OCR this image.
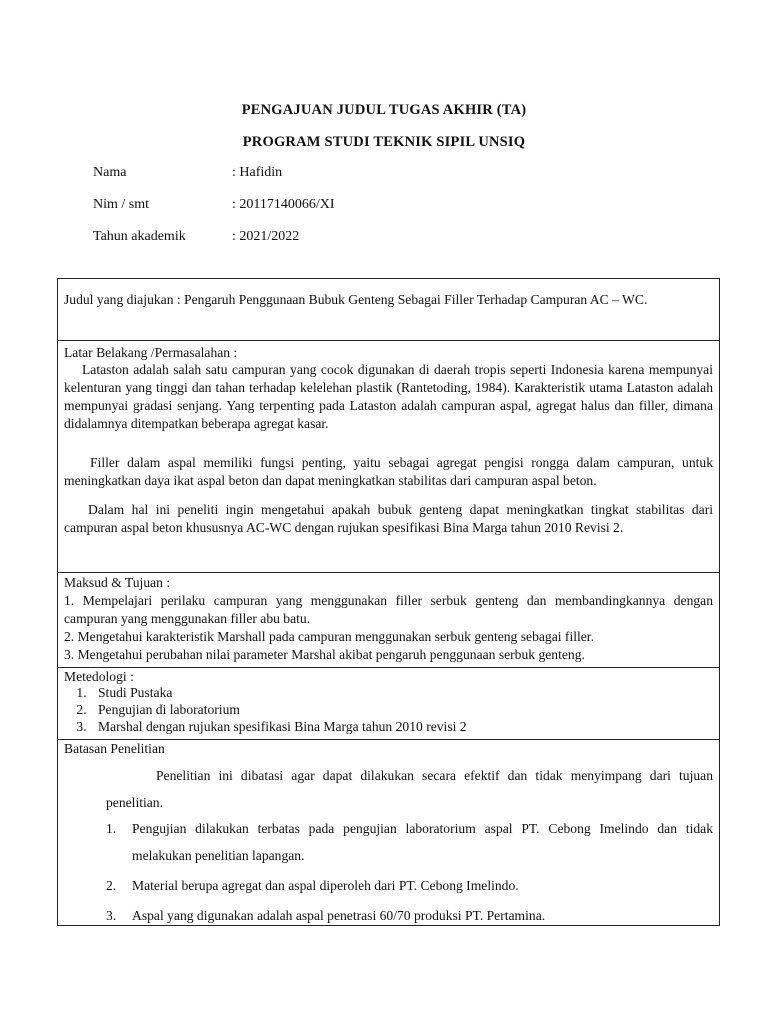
PENGAJUAN JUDUL TUGAS AKHIR (TA)
PROGRAM STUDI TEKNIK SIPIL UNSIQ
Nama	: Hafidin
Nim / smt	: 20117140066/XI
Tahun akademik	: 2021/2022
Judul yang diajukan : Pengaruh Penggunaan Bubuk Genteng Sebagai Filler Terhadap Campuran AC – WC.
Latar Belakang /Permasalahan :
Lataston adalah salah satu campuran yang cocok digunakan di daerah tropis seperti Indonesia karena mempunyai kelenturan yang tinggi dan tahan terhadap kelelehan plastik (Rantetoding, 1984). Karakteristik utama Lataston adalah mempunyai gradasi senjang. Yang terpenting pada Lataston adalah campuran aspal, agregat halus dan filler, dimana didalamnya ditempatkan beberapa agregat kasar.
Filler dalam aspal memiliki fungsi penting, yaitu sebagai agregat pengisi rongga dalam campuran, untuk meningkatkan daya ikat aspal beton dan dapat meningkatkan stabilitas dari campuran aspal beton.
Dalam hal ini peneliti ingin mengetahui apakah bubuk genteng dapat meningkatkan tingkat stabilitas dari campuran aspal beton khususnya AC-WC dengan rujukan spesifikasi Bina Marga tahun 2010 Revisi 2.
Maksud & Tujuan :
1. Mempelajari perilaku campuran yang menggunakan filler serbuk genteng dan membandingkannya dengan campuran yang menggunakan filler abu batu.
2. Mengetahui karakteristik Marshall pada campuran menggunakan serbuk genteng sebagai filler.
3. Mengetahui perubahan nilai parameter Marshal akibat pengaruh penggunaan serbuk genteng.
Metedologi :
1. Studi Pustaka
2. Pengujian di laboratorium
3. Marshal dengan rujukan spesifikasi Bina Marga tahun 2010 revisi 2
Batasan Penelitian
Penelitian ini dibatasi agar dapat dilakukan secara efektif dan tidak menyimpang dari tujuan penelitian.
1. Pengujian dilakukan terbatas pada pengujian laboratorium aspal PT. Cebong Imelindo dan tidak melakukan penelitian lapangan.
2. Material berupa agregat dan aspal diperoleh dari PT. Cebong Imelindo.
3. Aspal yang digunakan adalah aspal penetrasi 60/70 produksi PT. Pertamina.
